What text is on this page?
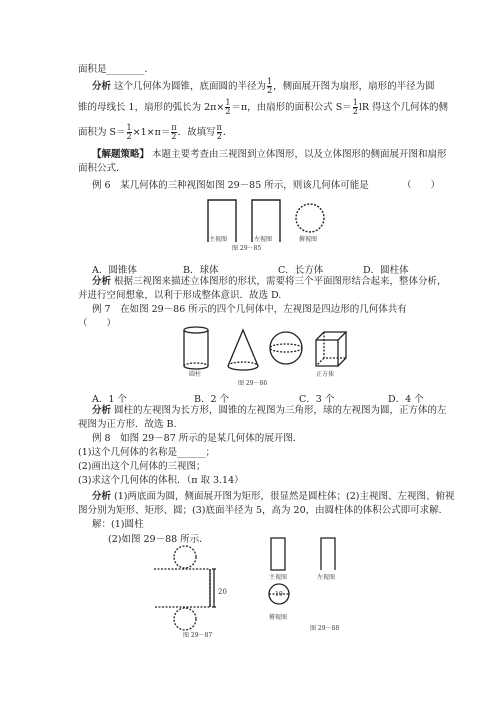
面积是________．
分析 这个几何体为圆锥，底面圆的半径为 $\frac{1}{2}$ ，侧面展开图为扇形，扇形的半径为圆
锥的母线长 1，扇形的弧长为 $2\pi\times \frac{1}{2} =\pi$，由扇形的面积公式 $S= \frac{1}{2}$ lR 得这个几何体的侧
面积为 $S= \frac{1}{2} \times 1\times\pi= \frac{\pi}{2}$ ．故填写 $\frac{\pi}{2}$ ．
【解题策略】 本题主要考查由三视图到立体图形，以及立体图形的侧面展开图和扇形
面积公式．
例 6　某几何体的三种视图如图 29－85 所示，则该几何体可能是　　　　（　　）
主视图	左视图	俯视图
图 29－85
A．圆锥体	B．球体	C．长方体	D．圆柱体
分析 根据三视图来描述立体图形的形状，需要将三个平面图形结合起来，整体分析，
并进行空间想象，以利于形成整体意识．故选 D.
例 7　在如图 29－86 所示的四个几何体中，左视图是四边形的几何体共有
（　　）
圆柱	正方体
图 29－86
A．1 个	B．2 个	C．3 个	D．4 个
分析 圆柱的左视图为长方形，圆锥的左视图为三角形，球的左视图为圆，正方体的左
视图为正方形．故选 B.
例 8　如图 29－87 所示的是某几何体的展开图．
(1)这个几何体的名称是______；
(2)画出这个几何体的三视图；
(3)求这个几何体的体积．（π 取 3.14）
分析 (1)两底面为圆，侧面展开图为矩形，很显然是圆柱体；(2)主视图、左视图、俯视
图分别为矩形、矩形、圆；(3)底面半径为 5，高为 20，由圆柱体的体积公式即可求解．
解：(1)圆柱
(2)如图 29－88 所示．
20
图 29－87
主视图	左视图
10
俯视图
图 29－88
